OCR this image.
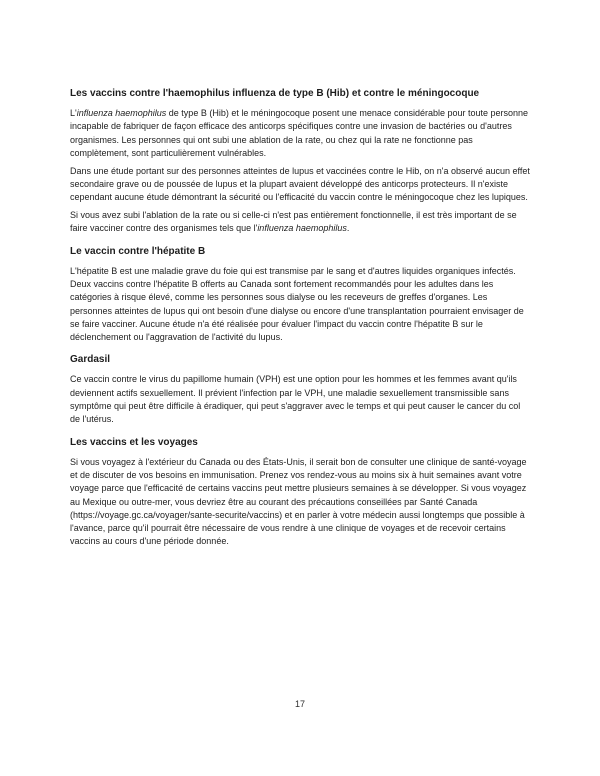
Les vaccins contre l'haemophilus influenza de type B (Hib) et contre le méningocoque

L'influenza haemophilus de type B (Hib) et le méningocoque posent une menace considérable pour toute personne incapable de fabriquer de façon efficace des anticorps spécifiques contre une invasion de bactéries ou d'autres organismes. Les personnes qui ont subi une ablation de la rate, ou chez qui la rate ne fonctionne pas complètement, sont particulièrement vulnérables.

Dans une étude portant sur des personnes atteintes de lupus et vaccinées contre le Hib, on n'a observé aucun effet secondaire grave ou de poussée de lupus et la plupart avaient développé des anticorps protecteurs. Il n'existe cependant aucune étude démontrant la sécurité ou l'efficacité du vaccin contre le méningocoque chez les lupiques.

Si vous avez subi l'ablation de la rate ou si celle-ci n'est pas entièrement fonctionnelle, il est très important de se faire vacciner contre des organismes tels que l'influenza haemophilus.

Le vaccin contre l'hépatite B

L'hépatite B est une maladie grave du foie qui est transmise par le sang et d'autres liquides organiques infectés. Deux vaccins contre l'hépatite B offerts au Canada sont fortement recommandés pour les adultes dans les catégories à risque élevé, comme les personnes sous dialyse ou les receveurs de greffes d'organes. Les personnes atteintes de lupus qui ont besoin d'une dialyse ou encore d'une transplantation pourraient envisager de se faire vacciner. Aucune étude n'a été réalisée pour évaluer l'impact du vaccin contre l'hépatite B sur le déclenchement ou l'aggravation de l'activité du lupus.

Gardasil

Ce vaccin contre le virus du papillome humain (VPH) est une option pour les hommes et les femmes avant qu'ils deviennent actifs sexuellement. Il prévient l'infection par le VPH, une maladie sexuellement transmissible sans symptôme qui peut être difficile à éradiquer, qui peut s'aggraver avec le temps et qui peut causer le cancer du col de l'utérus.

Les vaccins et les voyages

Si vous voyagez à l'extérieur du Canada ou des États-Unis, il serait bon de consulter une clinique de santé-voyage et de discuter de vos besoins en immunisation. Prenez vos rendez-vous au moins six à huit semaines avant votre voyage parce que l'efficacité de certains vaccins peut mettre plusieurs semaines à se développer. Si vous voyagez au Mexique ou outre-mer, vous devriez être au courant des précautions conseillées par Santé Canada (https://voyage.gc.ca/voyager/sante-securite/vaccins) et en parler à votre médecin aussi longtemps que possible à l'avance, parce qu'il pourrait être nécessaire de vous rendre à une clinique de voyages et de recevoir certains vaccins au cours d'une période donnée.

17
